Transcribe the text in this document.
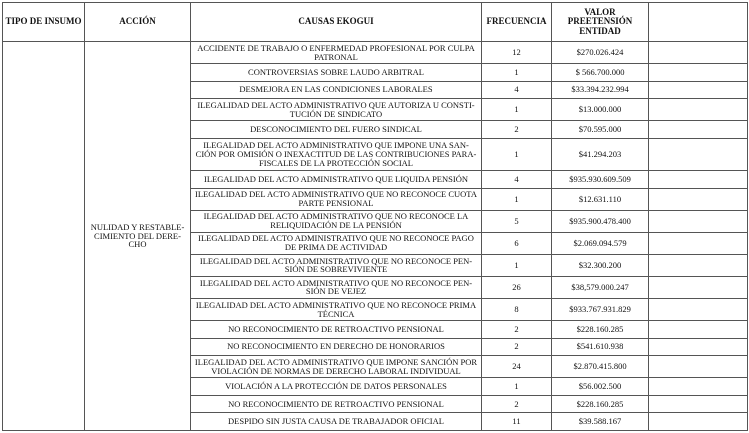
TIPO DE INSUMO	ACCIÓN	CAUSAS EKOGUI	FRECUENCIA	VALOR
PREETENSIÓN
ENTIDAD	
	NULIDAD Y RESTABLE-
CIMIENTO DEL DERE-
CHO	ACCIDENTE DE TRABAJO O ENFERMEDAD PROFESIONAL POR CULPA
PATRONAL	12	$270.026.424	
		CONTROVERSIAS SOBRE LAUDO ARBITRAL	1	$ 566.700.000	
		DESMEJORA EN LAS CONDICIONES LABORALES	4	$33.394.232.994	
		ILEGALIDAD DEL ACTO ADMINISTRATIVO QUE AUTORIZA U CONSTI-
TUCIÓN DE SINDICATO	1	$13.000.000	
		DESCONOCIMIENTO DEL FUERO SINDICAL	2	$70.595.000	
		ILEGALIDAD DEL ACTO ADMINISTRATIVO QUE IMPONE UNA SAN-
CIÓN POR OMISIÓN O INEXACTITUD DE LAS CONTRIBUCIONES PARA-
FISCALES DE LA PROTECCIÓN SOCIAL	1	$41.294.203	
		ILEGALIDAD DEL ACTO ADMINISTRATIVO QUE LIQUIDA PENSIÓN	4	$935.930.609.509	
		ILEGALIDAD DEL ACTO ADMINISTRATIVO QUE NO RECONOCE CUOTA
PARTE PENSIONAL	1	$12.631.110	
		ILEGALIDAD DEL ACTO ADMINISTRATIVO QUE NO RECONOCE LA
RELIQUIDACIÓN DE LA PENSIÓN	5	$935.900.478.400	
		ILEGALIDAD DEL ACTO ADMINISTRATIVO QUE NO RECONOCE PAGO
DE PRIMA DE ACTIVIDAD	6	$2.069.094.579	
		ILEGALIDAD DEL ACTO ADMINISTRATIVO QUE NO RECONOCE PEN-
SIÓN DE SOBREVIVIENTE	1	$32.300.200	
		ILEGALIDAD DEL ACTO ADMINISTRATIVO QUE NO RECONOCE PEN-
SIÓN DE VEJEZ	26	$38,579.000.247	
		ILEGALIDAD DEL ACTO ADMINISTRATIVO QUE NO RECONOCE PRIMA
TÉCNICA	8	$933.767.931.829	
		NO RECONOCIMIENTO DE RETROACTIVO PENSIONAL	2	$228.160.285	
		NO RECONOCIMIENTO EN DERECHO DE HONORARIOS	2	$541.610.938	
		ILEGALIDAD DEL ACTO ADMINISTRATIVO QUE IMPONE SANCIÓN POR
VIOLACIÓN DE NORMAS DE DERECHO LABORAL INDIVIDUAL	24	$2.870.415.800	
		VIOLACIÓN A LA PROTECCIÓN DE DATOS PERSONALES	1	$56.002.500	
		NO RECONOCIMIENTO DE RETROACTIVO PENSIONAL	2	$228.160.285	
		DESPIDO SIN JUSTA CAUSA DE TRABAJADOR OFICIAL	11	$39.588.167	
